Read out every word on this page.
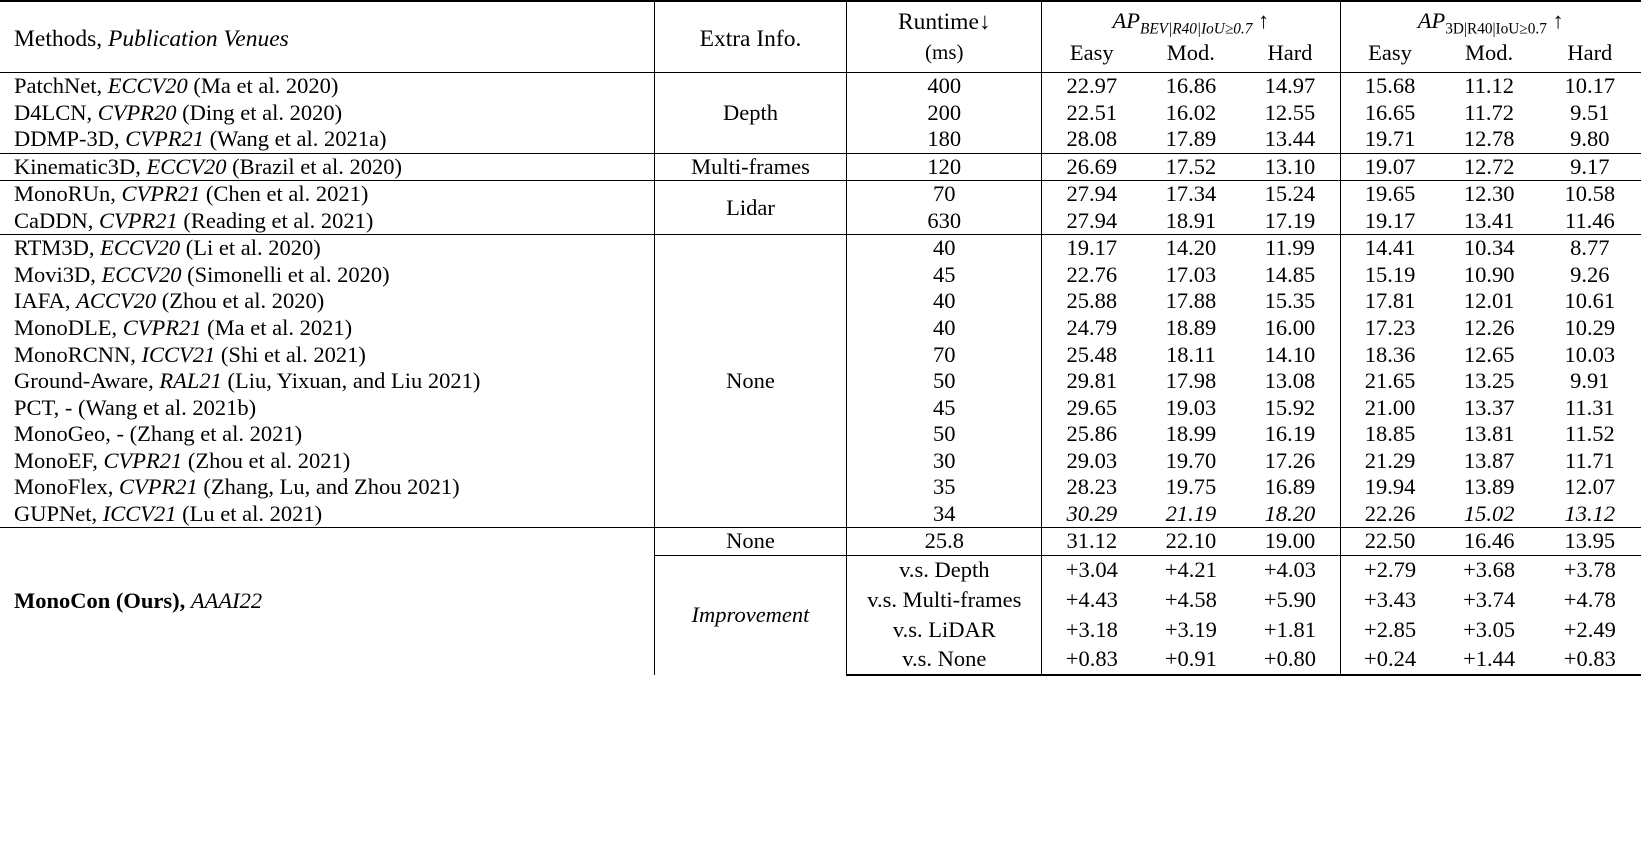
Methods, Publication Venues	Extra Info.	Runtime↓	$AP_{BEV|R40|IoU\ge 0.7}$ ↑			$AP_{3D|R40|IoU\ge 0.7}$ ↑		
		(ms)	Easy	Mod.	Hard	Easy	Mod.	Hard
PatchNet, ECCV20 (Ma et al. 2020)	Depth	400	22.97	16.86	14.97	15.68	11.12	10.17
D4LCN, CVPR20 (Ding et al. 2020)		200	22.51	16.02	12.55	16.65	11.72	9.51
DDMP-3D, CVPR21 (Wang et al. 2021a)		180	28.08	17.89	13.44	19.71	12.78	9.80
Kinematic3D, ECCV20 (Brazil et al. 2020)	Multi-frames	120	26.69	17.52	13.10	19.07	12.72	9.17
MonoRUn, CVPR21 (Chen et al. 2021)	Lidar	70	27.94	17.34	15.24	19.65	12.30	10.58
CaDDN, CVPR21 (Reading et al. 2021)		630	27.94	18.91	17.19	19.17	13.41	11.46
RTM3D, ECCV20 (Li et al. 2020)	None	40	19.17	14.20	11.99	14.41	10.34	8.77
Movi3D, ECCV20 (Simonelli et al. 2020)		45	22.76	17.03	14.85	15.19	10.90	9.26
IAFA, ACCV20 (Zhou et al. 2020)		40	25.88	17.88	15.35	17.81	12.01	10.61
MonoDLE, CVPR21 (Ma et al. 2021)		40	24.79	18.89	16.00	17.23	12.26	10.29
MonoRCNN, ICCV21 (Shi et al. 2021)		70	25.48	18.11	14.10	18.36	12.65	10.03
Ground-Aware, RAL21 (Liu, Yixuan, and Liu 2021)		50	29.81	17.98	13.08	21.65	13.25	9.91
PCT, - (Wang et al. 2021b)		45	29.65	19.03	15.92	21.00	13.37	11.31
MonoGeo, - (Zhang et al. 2021)		50	25.86	18.99	16.19	18.85	13.81	11.52
MonoEF, CVPR21 (Zhou et al. 2021)		30	29.03	19.70	17.26	21.29	13.87	11.71
MonoFlex, CVPR21 (Zhang, Lu, and Zhou 2021)		35	28.23	19.75	16.89	19.94	13.89	12.07
GUPNet, ICCV21 (Lu et al. 2021)		34	30.29	21.19	18.20	22.26	15.02	13.12
MonoCon (Ours), AAAI22	None	25.8	31.12	22.10	19.00	22.50	16.46	13.95
	Improvement	v.s. Depth	+3.04	+4.21	+4.03	+2.79	+3.68	+3.78
		v.s. Multi-frames	+4.43	+4.58	+5.90	+3.43	+3.74	+4.78
		v.s. LiDAR	+3.18	+3.19	+1.81	+2.85	+3.05	+2.49
		v.s. None	+0.83	+0.91	+0.80	+0.24	+1.44	+0.83
